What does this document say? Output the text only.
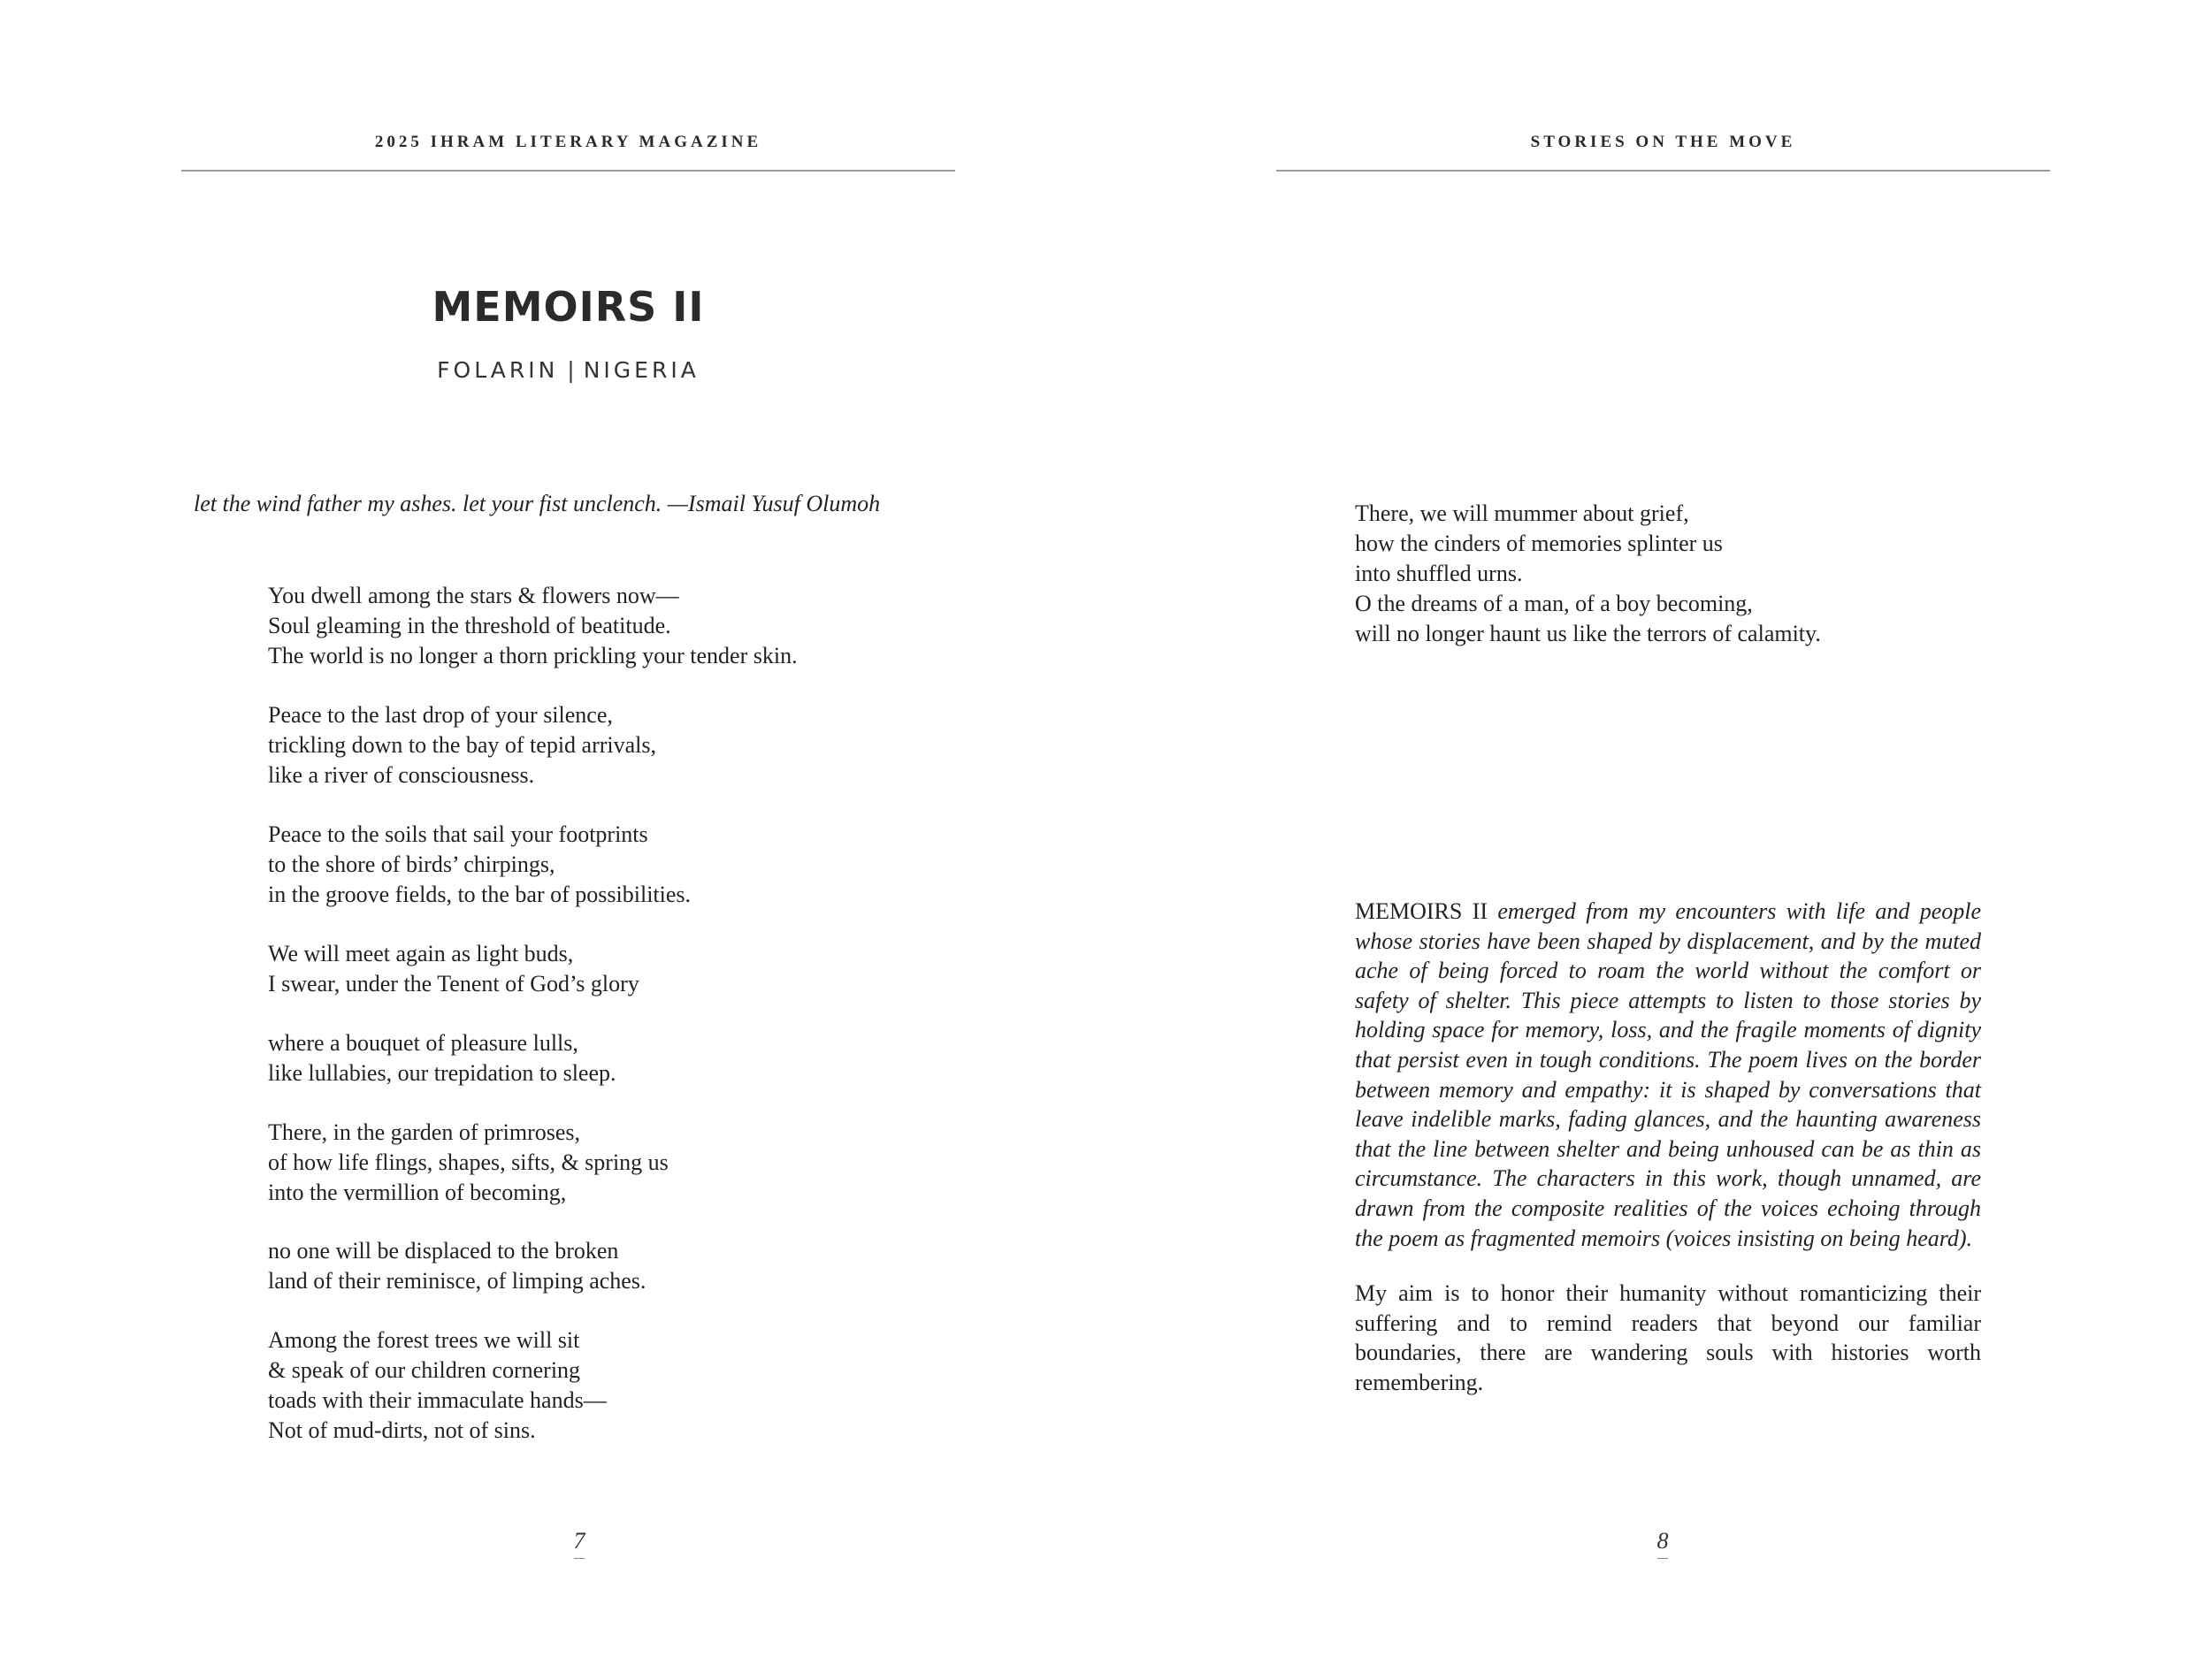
2025 IHRAM LITERARY MAGAZINE
MEMOIRS II
FOLARIN | NIGERIA
let the wind father my ashes. let your fist unclench. —Ismail Yusuf Olumoh
You dwell among the stars & flowers now—
Soul gleaming in the threshold of beatitude.
The world is no longer a thorn prickling your tender skin.
Peace to the last drop of your silence,
trickling down to the bay of tepid arrivals,
like a river of consciousness.
Peace to the soils that sail your footprints
to the shore of birds’ chirpings,
in the groove fields, to the bar of possibilities.
We will meet again as light buds,
I swear, under the Tenent of God’s glory
where a bouquet of pleasure lulls,
like lullabies, our trepidation to sleep.
There, in the garden of primroses,
of how life flings, shapes, sifts, & spring us
into the vermillion of becoming,
no one will be displaced to the broken
land of their reminisce, of limping aches.
Among the forest trees we will sit
& speak of our children cornering
toads with their immaculate hands—
Not of mud-dirts, not of sins.
7
STORIES ON THE MOVE
There, we will mummer about grief,
how the cinders of memories splinter us
into shuffled urns.
O the dreams of a man, of a boy becoming,
will no longer haunt us like the terrors of calamity.
MEMOIRS II emerged from my encounters with life and people whose stories have been shaped by displacement, and by the muted ache of being forced to roam the world without the comfort or safety of shelter. This piece attempts to listen to those stories by holding space for memory, loss, and the fragile moments of dignity that persist even in tough conditions. The poem lives on the border between memory and empathy: it is shaped by conversations that leave indelible marks, fading glances, and the haunting awareness that the line between shelter and being unhoused can be as thin as circumstance. The characters in this work, though unnamed, are drawn from the composite realities of the voices echoing through the poem as fragmented memoirs (voices insisting on being heard).
My aim is to honor their humanity without romanticizing their suffering and to remind readers that beyond our familiar boundaries, there are wandering souls with histories worth remembering.
8
